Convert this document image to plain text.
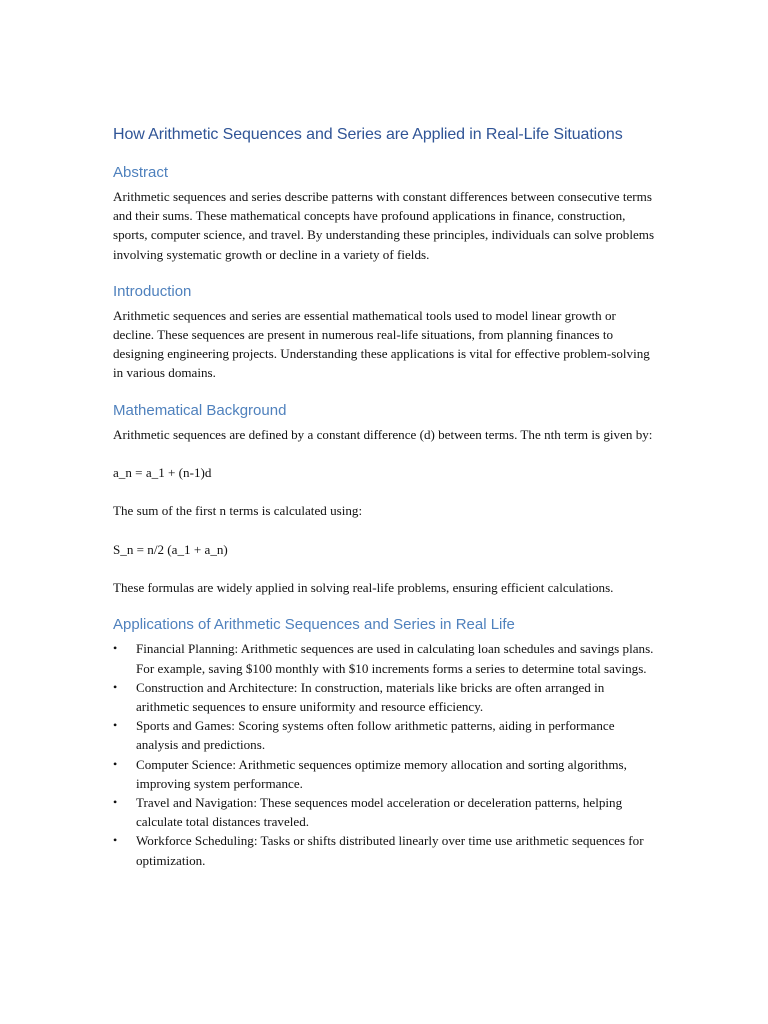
How Arithmetic Sequences and Series are Applied in Real-Life Situations
Abstract

Arithmetic sequences and series describe patterns with constant differences between consecutive terms and their sums. These mathematical concepts have profound applications in finance, construction, sports, computer science, and travel. By understanding these principles, individuals can solve problems involving systematic growth or decline in a variety of fields.

Introduction

Arithmetic sequences and series are essential mathematical tools used to model linear growth or decline. These sequences are present in numerous real-life situations, from planning finances to designing engineering projects. Understanding these applications is vital for effective problem-solving in various domains.

Mathematical Background

Arithmetic sequences are defined by a constant difference (d) between terms. The nth term is given by:

a_n = a_1 + (n-1)d

The sum of the first n terms is calculated using:

S_n = n/2 (a_1 + a_n)

These formulas are widely applied in solving real-life problems, ensuring efficient calculations.

Applications of Arithmetic Sequences and Series in Real Life
• Financial Planning: Arithmetic sequences are used in calculating loan schedules and savings plans. For example, saving $100 monthly with $10 increments forms a series to determine total savings.
• Construction and Architecture: In construction, materials like bricks are often arranged in arithmetic sequences to ensure uniformity and resource efficiency.
• Sports and Games: Scoring systems often follow arithmetic patterns, aiding in performance analysis and predictions.
• Computer Science: Arithmetic sequences optimize memory allocation and sorting algorithms, improving system performance.
• Travel and Navigation: These sequences model acceleration or deceleration patterns, helping calculate total distances traveled.
• Workforce Scheduling: Tasks or shifts distributed linearly over time use arithmetic sequences for optimization.
